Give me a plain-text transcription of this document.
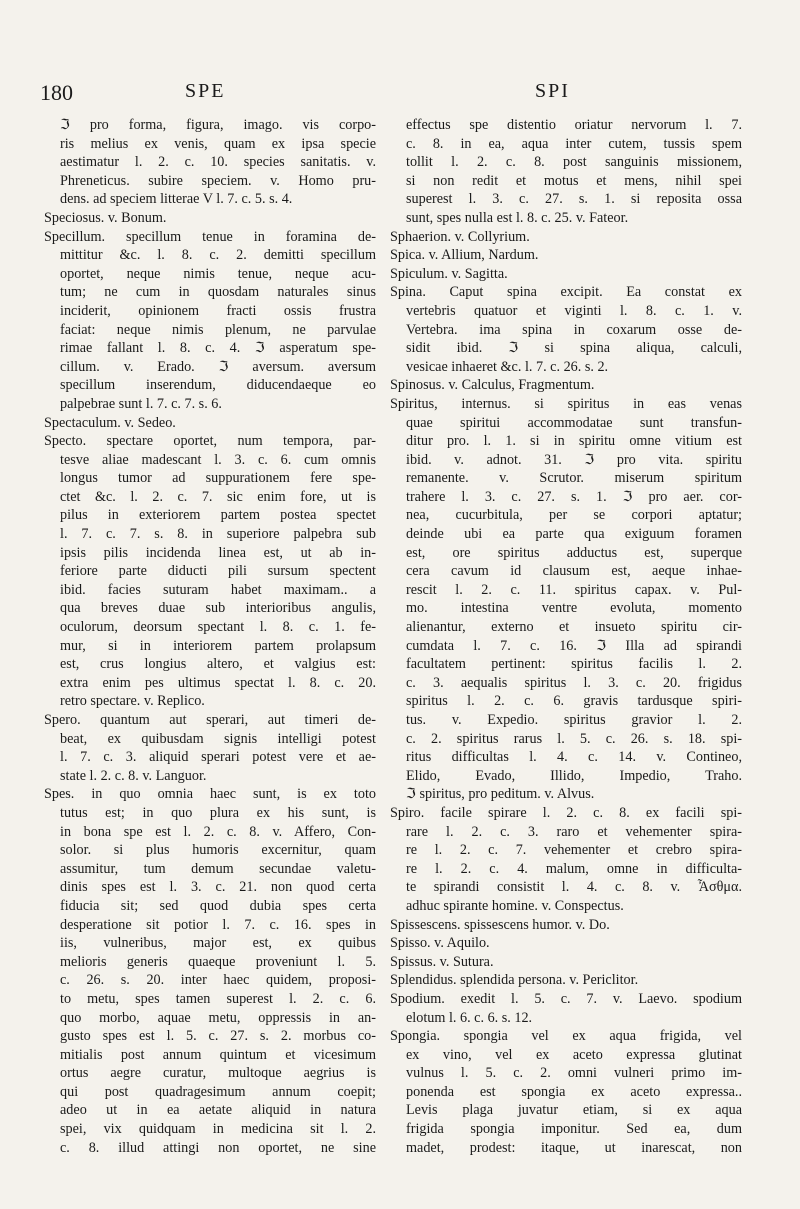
180	SPE	SPI
ℑ pro forma, figura, imago. vis corpo-
ris melius ex venis, quam ex ipsa specie
aestimatur l. 2. c. 10. species sanitatis. v.
Phreneticus. subire speciem. v. Homo pru-
dens. ad speciem litterae V l. 7. c. 5. s. 4.
Speciosus. v. Bonum.
Specillum. specillum tenue in foramina de-
mittitur &c. l. 8. c. 2. demitti specillum
oportet, neque nimis tenue, neque acu-
tum; ne cum in quosdam naturales sinus
inciderit, opinionem fracti ossis frustra
faciat: neque nimis plenum, ne parvulae
rimae fallant l. 8. c. 4. ℑ asperatum spe-
cillum. v. Erado. ℑ aversum. aversum
specillum inserendum, diducendaeque eo
palpebrae sunt l. 7. c. 7. s. 6.
Spectaculum. v. Sedeo.
Specto. spectare oportet, num tempora, par-
tesve aliae madescant l. 3. c. 6. cum omnis
longus tumor ad suppurationem fere spe-
ctet &c. l. 2. c. 7. sic enim fore, ut is
pilus in exteriorem partem postea spectet
l. 7. c. 7. s. 8. in superiore palpebra sub
ipsis pilis incidenda linea est, ut ab in-
feriore parte diducti pili sursum spectent
ibid. facies suturam habet maximam.. a
qua breves duae sub interioribus angulis,
oculorum, deorsum spectant l. 8. c. 1. fe-
mur, si in interiorem partem prolapsum
est, crus longius altero, et valgius est:
extra enim pes ultimus spectat l. 8. c. 20.
retro spectare. v. Replico.
Spero. quantum aut sperari, aut timeri de-
beat, ex quibusdam signis intelligi potest
l. 7. c. 3. aliquid sperari potest vere et ae-
state l. 2. c. 8. v. Languor.
Spes. in quo omnia haec sunt, is ex toto
tutus est; in quo plura ex his sunt, is
in bona spe est l. 2. c. 8. v. Affero, Con-
solor. si plus humoris excernitur, quam
assumitur, tum demum secundae valetu-
dinis spes est l. 3. c. 21. non quod certa
fiducia sit; sed quod dubia spes certa
desperatione sit potior l. 7. c. 16. spes in
iis, vulneribus, major est, ex quibus
melioris generis quaeque proveniunt l. 5.
c. 26. s. 20. inter haec quidem, proposi-
to metu, spes tamen superest l. 2. c. 6.
quo morbo, aquae metu, oppressis in an-
gusto spes est l. 5. c. 27. s. 2. morbus co-
mitialis post annum quintum et vicesimum
ortus aegre curatur, multoque aegrius is
qui post quadragesimum annum coepit;
adeo ut in ea aetate aliquid in natura
spei, vix quidquam in medicina sit l. 2.
c. 8. illud attingi non oportet, ne sine
effectus spe distentio oriatur nervorum l. 7.
c. 8. in ea, aqua inter cutem, tussis spem
tollit l. 2. c. 8. post sanguinis missionem,
si non redit et motus et mens, nihil spei
superest l. 3. c. 27. s. 1. si reposita ossa
sunt, spes nulla est l. 8. c. 25. v. Fateor.
Sphaerion. v. Collyrium.
Spica. v. Allium, Nardum.
Spiculum. v. Sagitta.
Spina. Caput spina excipit. Ea constat ex
vertebris quatuor et viginti l. 8. c. 1. v.
Vertebra. ima spina in coxarum osse de-
sidit ibid. ℑ si spina aliqua, calculi,
vesicae inhaeret &c. l. 7. c. 26. s. 2.
Spinosus. v. Calculus, Fragmentum.
Spiritus, internus. si spiritus in eas venas
quae spiritui accommodatae sunt transfun-
ditur pro. l. 1. si in spiritu omne vitium est
ibid. v. adnot. 31. ℑ pro vita. spiritu
remanente. v. Scrutor. miserum spiritum
trahere l. 3. c. 27. s. 1. ℑ pro aer. cor-
nea, cucurbitula, per se corpori aptatur;
deinde ubi ea parte qua exiguum foramen
est, ore spiritus adductus est, superque
cera cavum id clausum est, aeque inhae-
rescit l. 2. c. 11. spiritus capax. v. Pul-
mo. intestina ventre evoluta, momento
alienantur, externo et insueto spiritu cir-
cumdata l. 7. c. 16. ℑ Illa ad spirandi
facultatem pertinent: spiritus facilis l. 2.
c. 3. aequalis spiritus l. 3. c. 20. frigidus
spiritus l. 2. c. 6. gravis tardusque spiri-
tus. v. Expedio. spiritus gravior l. 2.
c. 2. spiritus rarus l. 5. c. 26. s. 18. spi-
ritus difficultas l. 4. c. 14. v. Contineo,
Elido, Evado, Illido, Impedio, Traho.
ℑ spiritus, pro peditum. v. Alvus.
Spiro. facile spirare l. 2. c. 8. ex facili spi-
rare l. 2. c. 3. raro et vehementer spira-
re l. 2. c. 7. vehementer et crebro spira-
re l. 2. c. 4. malum, omne in difficulta-
te spirandi consistit l. 4. c. 8. v. Ἆσθμα.
adhuc spirante homine. v. Conspectus.
Spissescens. spissescens humor. v. Do.
Spisso. v. Aquilo.
Spissus. v. Sutura.
Splendidus. splendida persona. v. Periclitor.
Spodium. exedit l. 5. c. 7. v. Laevo. spodium
elotum l. 6. c. 6. s. 12.
Spongia. spongia vel ex aqua frigida, vel
ex vino, vel ex aceto expressa glutinat
vulnus l. 5. c. 2. omni vulneri primo im-
ponenda est spongia ex aceto expressa..
Levis plaga juvatur etiam, si ex aqua
frigida spongia imponitur. Sed ea, dum
madet, prodest: itaque, ut inarescat, non
